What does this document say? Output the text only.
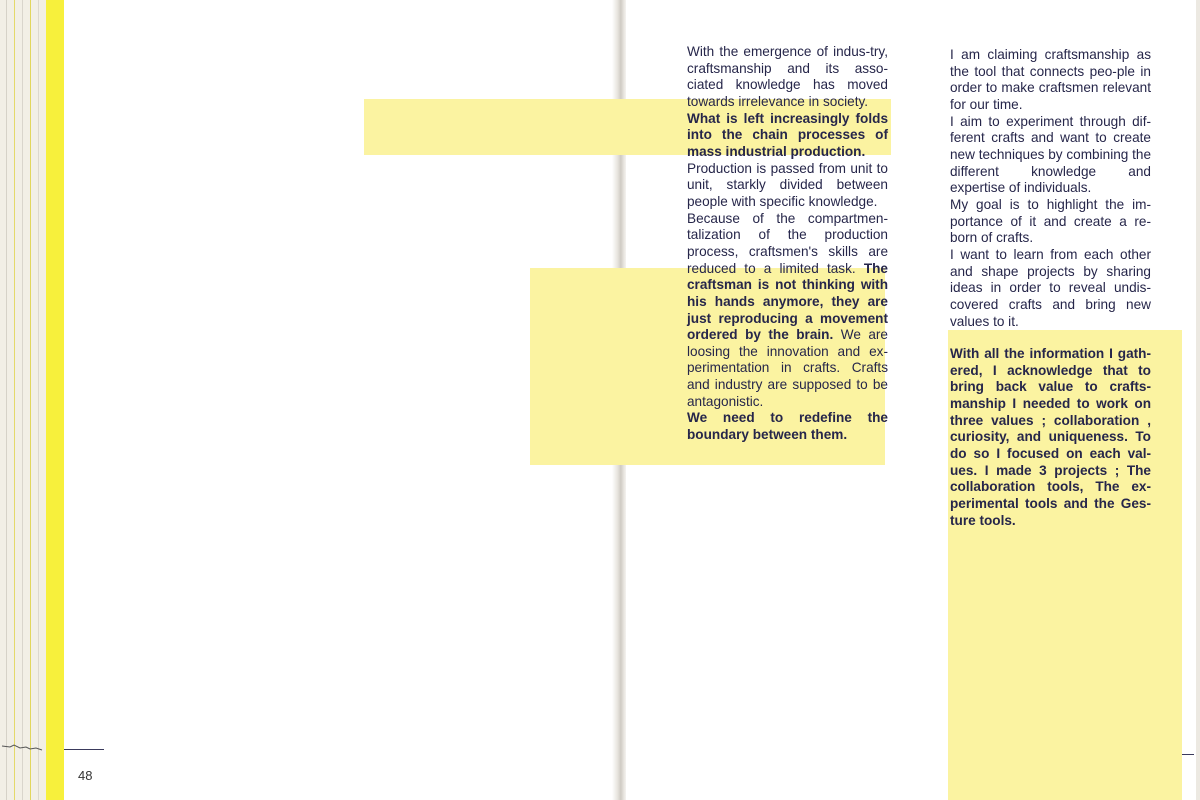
48

With the emergence of indus-try, craftsmanship and its asso-ciated knowledge has moved towards irrelevance in society.

What is left increasingly folds into the chain processes of mass industrial production.

Production is passed from unit to unit, starkly divided between people with specific knowledge.

Because of the compartmen-talization of the production process, craftsmen's skills are reduced to a limited task. The craftsman is not thinking with his hands anymore, they are just reproducing a movement ordered by the brain. We are loosing the innovation and ex-perimentation in crafts. Crafts and industry are supposed to be antagonistic.

We need to redefine the boundary between them.

I am claiming craftsmanship as the tool that connects peo-ple in order to make craftsmen relevant for our time.

I aim to experiment through dif-ferent crafts and want to create new techniques by combining the different knowledge and expertise of individuals.

My goal is to highlight the im-portance of it and create a re-born of crafts.

I want to learn from each other and shape projects by sharing ideas in order to reveal undis-covered crafts and bring new values to it.

With all the information I gath-ered, I acknowledge that to bring back value to crafts-manship I needed to work on three values ; collaboration , curiosity, and uniqueness. To do so I focused on each val-ues. I made 3 projects ; The collaboration tools, The ex-perimental tools and the Ges-ture tools.
